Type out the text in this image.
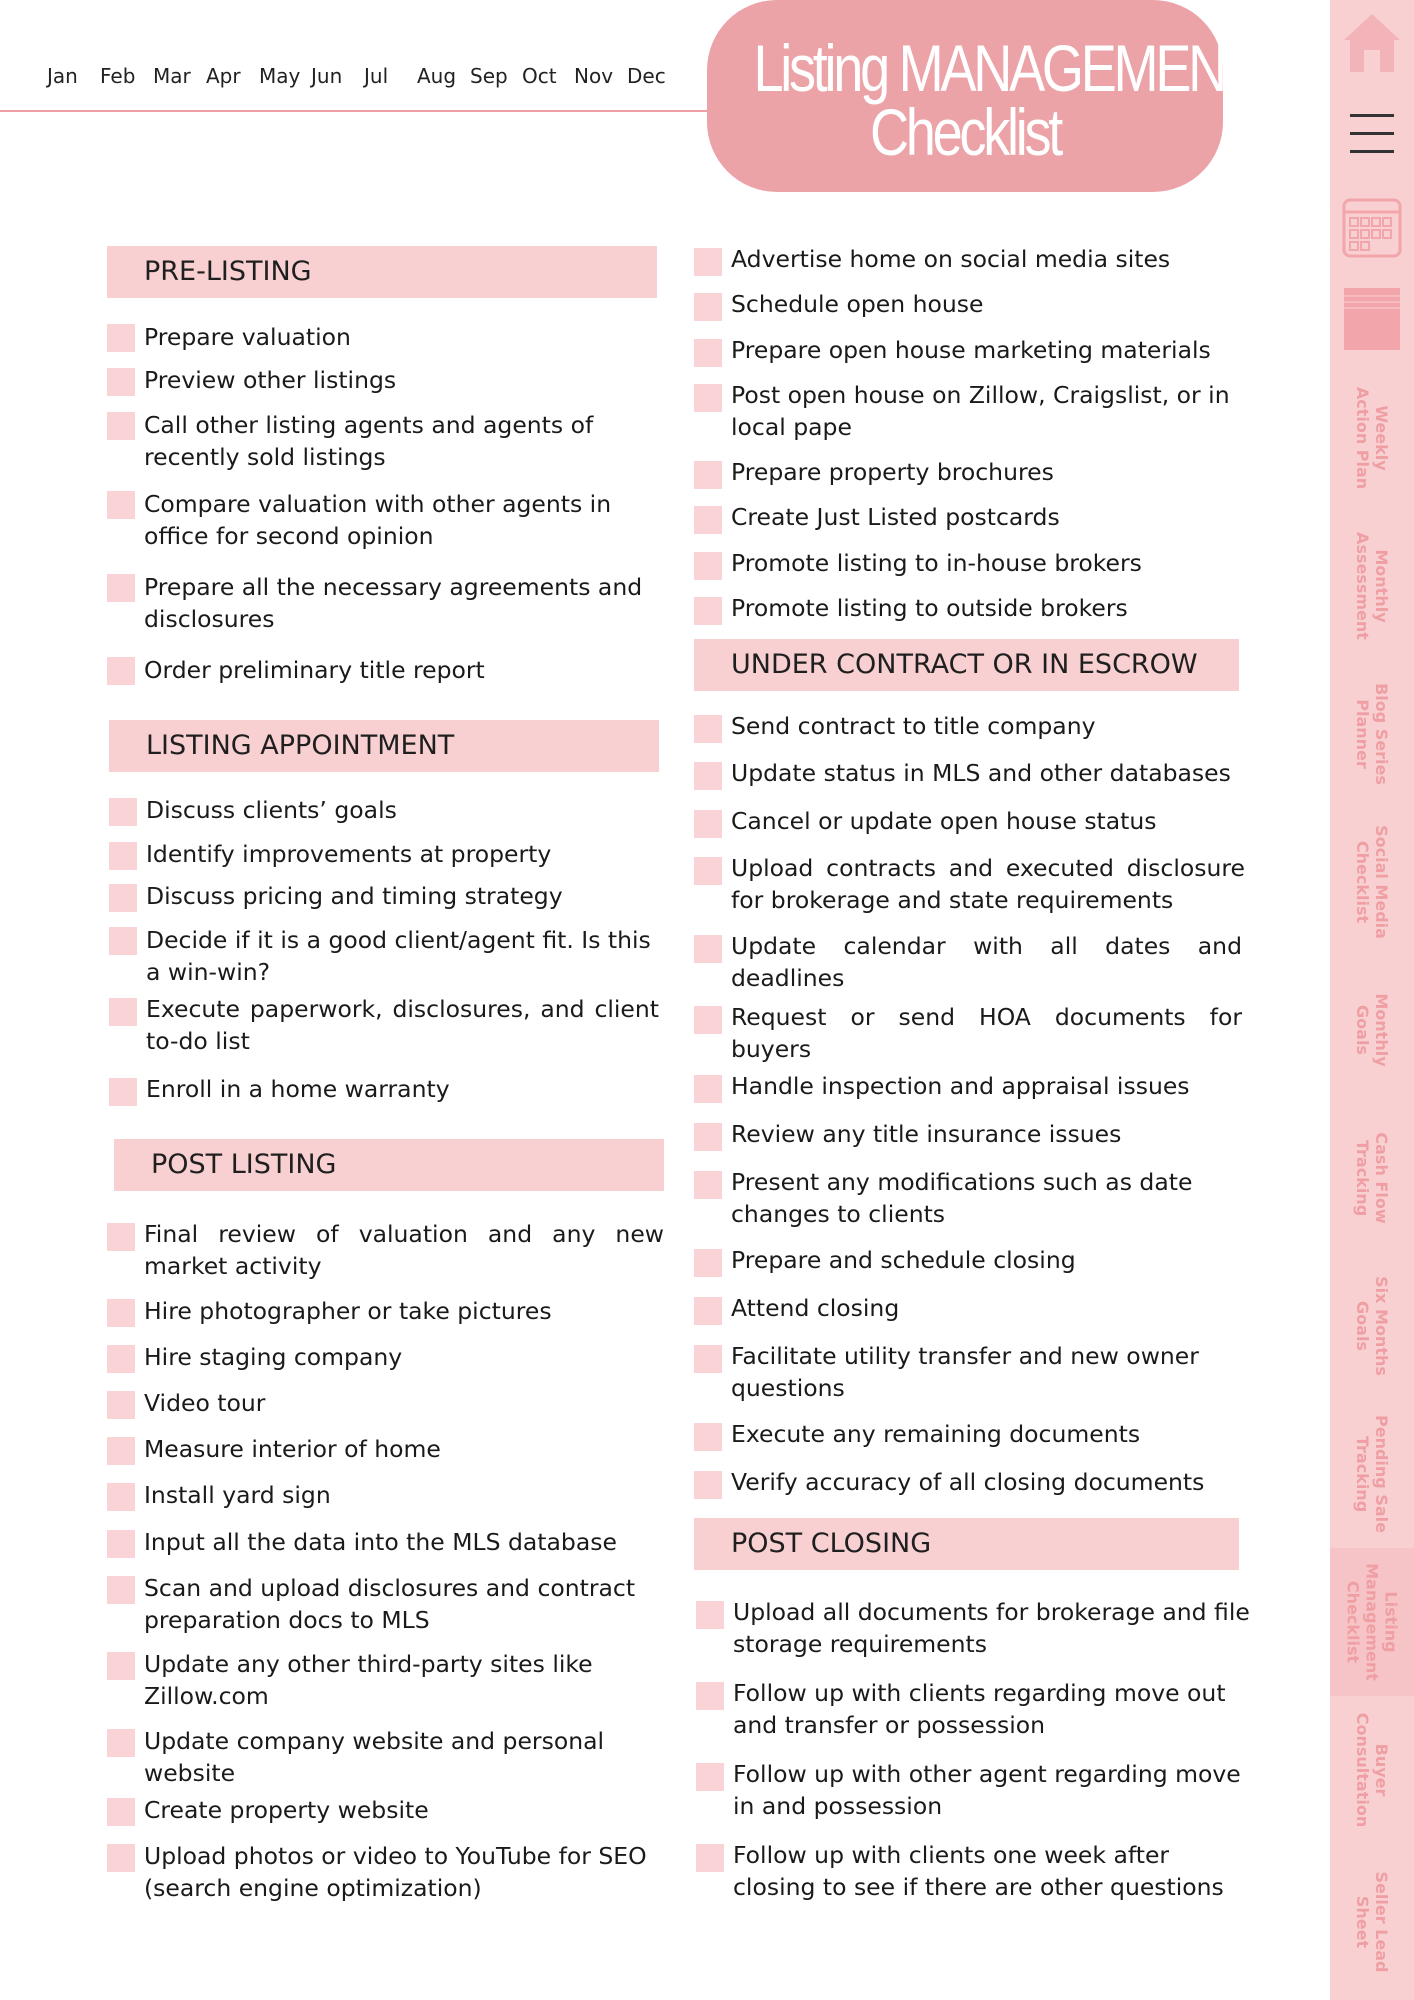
Jan Feb Mar Apr May Jun Jul Aug Sep Oct Nov Dec Listing MANAGEMENT
Checklist
Weekly
Action Plan
Monthly
Assessment
Blog Series
Planner
Social Media
Checklist
Monthly
Goals
Cash Flow
Tracking
Six Months
Goals
Pending Sale
Tracking
Listing
Management
Checklist
Buyer
Consultation
Seller Lead
Sheet
PRE-LISTING
Prepare valuation
Preview other listings
Call other listing agents and agents of recently sold listings
Compare valuation with other agents in office for second opinion
Prepare all the necessary agreements and disclosures
Order preliminary title report
LISTING APPOINTMENT
Discuss clients’ goals
Identify improvements at property
Discuss pricing and timing strategy
Decide if it is a good client/agent fit. Is this a win-win?
Execute paperwork, disclosures, and client to-do list
Enroll in a home warranty
POST LISTING
Final review of valuation and any new market activity
Hire photographer or take pictures
Hire staging company
Video tour
Measure interior of home
Install yard sign
Input all the data into the MLS database
Scan and upload disclosures and contract preparation docs to MLS
Update any other third-party sites like Zillow.com
Update company website and personal website
Create property website
Upload photos or video to YouTube for SEO (search engine optimization)
Advertise home on social media sites
Schedule open house
Prepare open house marketing materials
Post open house on Zillow, Craigslist, or in local pape
Prepare property brochures
Create Just Listed postcards
Promote listing to in-house brokers
Promote listing to outside brokers
UNDER CONTRACT OR IN ESCROW
Send contract to title company
Update status in MLS and other databases
Cancel or update open house status
Upload contracts and executed disclosure for brokerage and state requirements
Update calendar with all dates and deadlines
Request or send HOA documents for buyers
Handle inspection and appraisal issues
Review any title insurance issues
Present any modifications such as date changes to clients
Prepare and schedule closing
Attend closing
Facilitate utility transfer and new owner questions
Execute any remaining documents
Verify accuracy of all closing documents
POST CLOSING
Upload all documents for brokerage and file storage requirements
Follow up with clients regarding move out and transfer or possession
Follow up with other agent regarding move in and possession
Follow up with clients one week after closing to see if there are other questions
